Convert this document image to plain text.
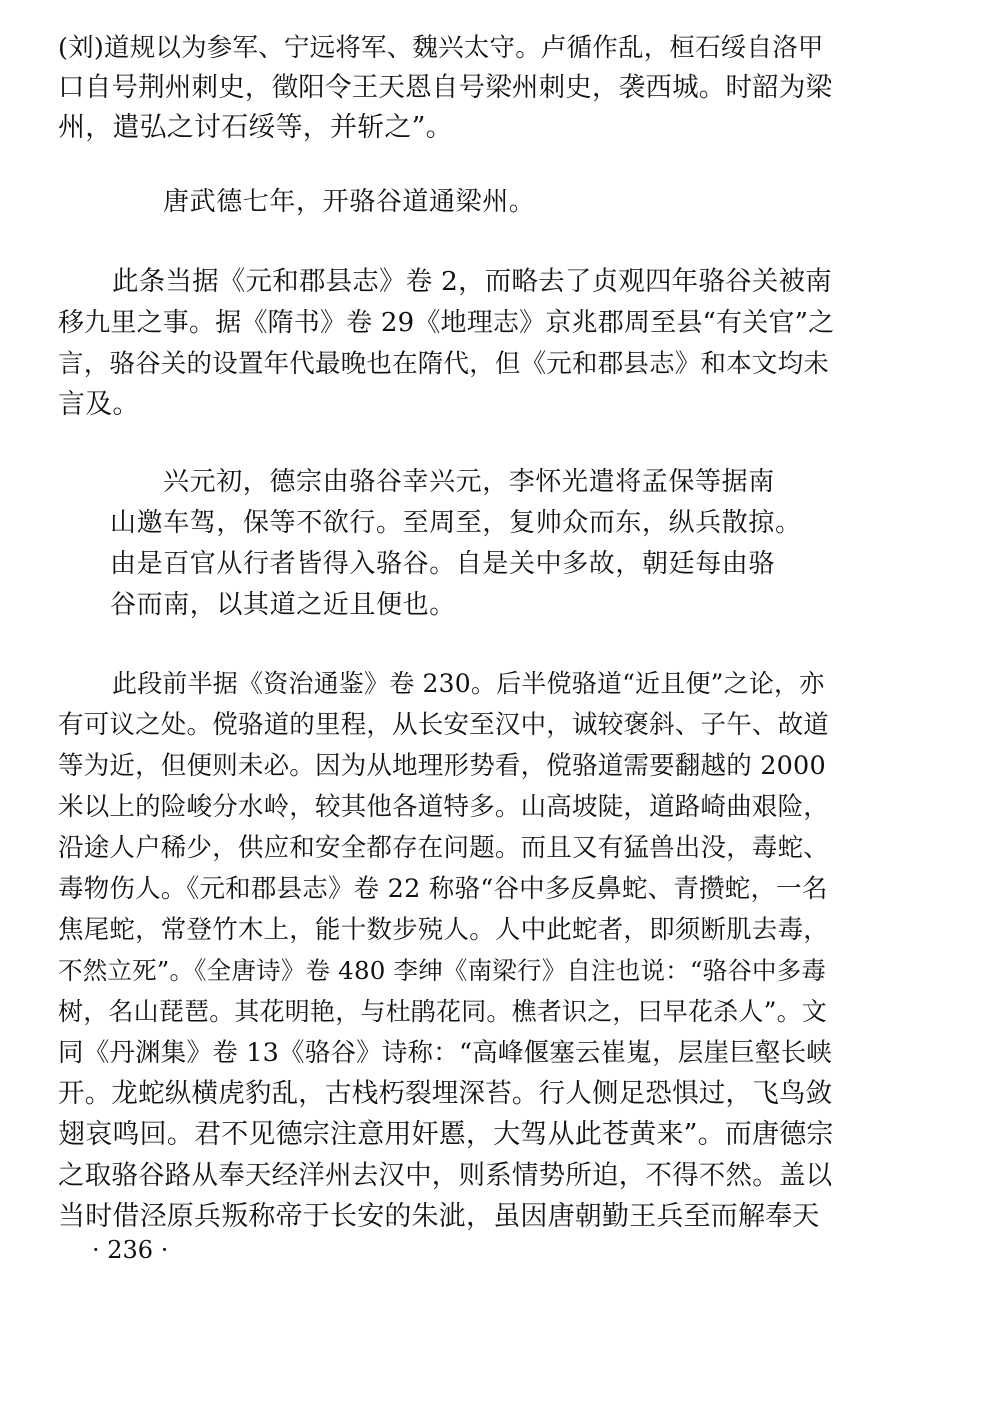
(刘)道规以为参军、宁远将军、魏兴太守。卢循作乱，桓石绥自洛甲
口自号荆州刺史，徵阳令王天恩自号梁州刺史，袭西城。时韶为梁
州，遣弘之讨石绥等，并斩之”。
唐武德七年，开骆谷道通梁州。
此条当据《元和郡县志》卷 2，而略去了贞观四年骆谷关被南
移九里之事。据《隋书》卷 29《地理志》京兆郡周至县“有关官”之
言，骆谷关的设置年代最晚也在隋代，但《元和郡县志》和本文均未
言及。
兴元初，德宗由骆谷幸兴元，李怀光遣将孟保等据南
山邀车驾，保等不欲行。至周至，复帅众而东，纵兵散掠。
由是百官从行者皆得入骆谷。自是关中多故，朝廷每由骆
谷而南，以其道之近且便也。
此段前半据《资治通鉴》卷 230。后半傥骆道“近且便”之论，亦
有可议之处。傥骆道的里程，从长安至汉中，诚较褒斜、子午、故道
等为近，但便则未必。因为从地理形势看，傥骆道需要翻越的 2000
米以上的险峻分水岭，较其他各道特多。山高坡陡，道路崎曲艰险，
沿途人户稀少，供应和安全都存在问题。而且又有猛兽出没，毒蛇、
毒物伤人。《元和郡县志》卷 22 称骆“谷中多反鼻蛇、青攒蛇，一名
焦尾蛇，常登竹木上，能十数步殑人。人中此蛇者，即须断肌去毒，
不然立死”。《全唐诗》卷 480 李绅《南梁行》自注也说：“骆谷中多毒
树，名山琵琶。其花明艳，与杜鹃花同。樵者识之，曰早花杀人”。文
同《丹渊集》卷 13《骆谷》诗称：“高峰偃塞云崔嵬，层崖巨壑长峡
开。龙蛇纵横虎豹乱，古栈朽裂埋深苔。行人侧足恐惧过，飞鸟敛
翅哀鸣回。君不见德宗注意用奸慝，大驾从此苍黄来”。而唐德宗
之取骆谷路从奉天经洋州去汉中，则系情势所迫，不得不然。盖以
当时借泾原兵叛称帝于长安的朱泚，虽因唐朝勤王兵至而解奉天
· 236 ·
